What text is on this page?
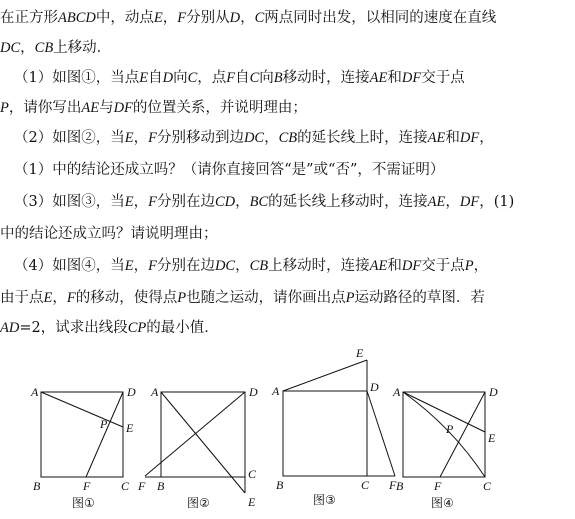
在正方形ABCD中，动点E，F分别从D，C两点同时出发，以相同的速度在直线
DC，CB上移动．
（1）如图①，当点E自D向C，点F自C向B移动时，连接AE和DF交于点
P，请你写出AE与DF的位置关系，并说明理由；
（2）如图②，当E，F分别移动到边DC，CB的延长线上时，连接AE和DF，
（1）中的结论还成立吗？（请你直接回答“是”或“否”，不需证明）
（3）如图③，当E，F分别在边CD，BC的延长线上移动时，连接AE，DF，(1)
中的结论还成立吗？请说明理由；
（4）如图④，当E，F分别在边DC，CB上移动时，连接AE和DF交于点P，
由于点E，F的移动，使得点P也随之运动，请你画出点P运动路径的草图．若
AD=2，试求出线段CP的最小值．
A	D
E
P
B	F	C
图①
A	D
C
E
F B
图②
A
E
D
B	C F
图③
A	D
E
P
B	F	C
图④
